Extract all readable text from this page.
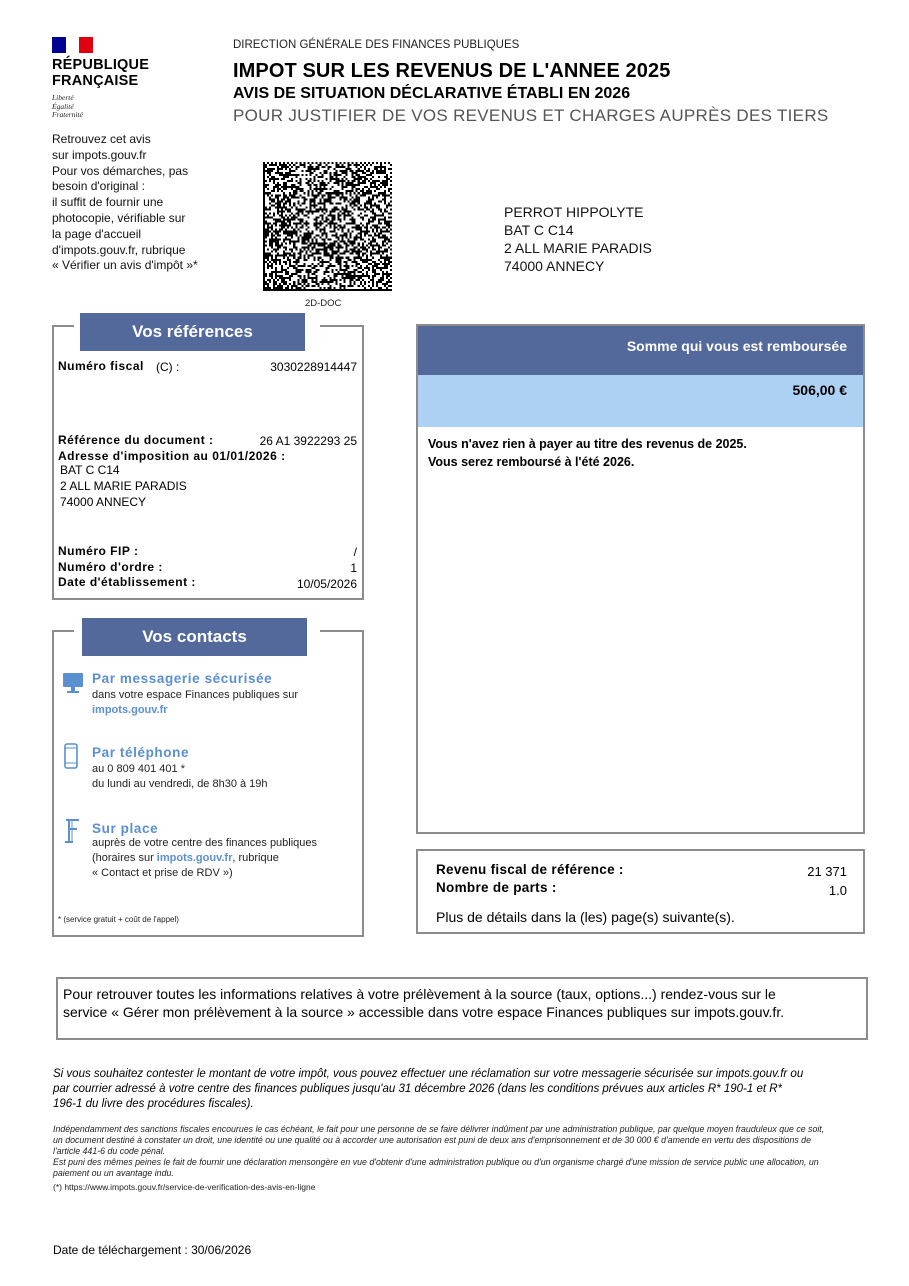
RÉPUBLIQUE
FRANÇAISE
Liberté
Égalité
Fraternité
Retrouvez cet avis
sur impots.gouv.fr
Pour vos démarches, pas
besoin d'original :
il suffit de fournir une
photocopie, vérifiable sur
la page d'accueil
d'impots.gouv.fr, rubrique
« Vérifier un avis d'impôt »*
DIRECTION GÉNÉRALE DES FINANCES PUBLIQUES
IMPOT SUR LES REVENUS DE L'ANNEE 2025
AVIS DE SITUATION DÉCLARATIVE ÉTABLI EN 2026
POUR JUSTIFIER DE VOS REVENUS ET CHARGES AUPRÈS DES TIERS
2D-DOC
PERROT HIPPOLYTE
BAT C C14
2 ALL MARIE PARADIS
74000 ANNECY
Vos références
Numéro fiscal (C) :	3030228914447
Référence du document :	26 A1 3922293 25
Adresse d'imposition au 01/01/2026 :
BAT C C14
2 ALL MARIE PARADIS
74000 ANNECY
Numéro FIP :	/
Numéro d'ordre :	1
Date d'établissement :	10/05/2026
Somme qui vous est remboursée
506,00 €
Vous n'avez rien à payer au titre des revenus de 2025.
Vous serez remboursé à l'été 2026.
Vos contacts
Par messagerie sécurisée
dans votre espace Finances publiques sur
impots.gouv.fr
Par téléphone
au 0 809 401 401 *
du lundi au vendredi, de 8h30 à 19h
Sur place
auprès de votre centre des finances publiques
(horaires sur impots.gouv.fr, rubrique
« Contact et prise de RDV »)
* (service gratuit + coût de l'appel)
Revenu fiscal de référence :	21 371
Nombre de parts :	1.0
Plus de détails dans la (les) page(s) suivante(s).
Pour retrouver toutes les informations relatives à votre prélèvement à la source (taux, options...) rendez-vous sur le
service « Gérer mon prélèvement à la source » accessible dans votre espace Finances publiques sur impots.gouv.fr.
Si vous souhaitez contester le montant de votre impôt, vous pouvez effectuer une réclamation sur votre messagerie sécurisée sur impots.gouv.fr ou
par courrier adressé à votre centre des finances publiques jusqu'au 31 décembre 2026 (dans les conditions prévues aux articles R* 190-1 et R*
196-1 du livre des procédures fiscales).
Indépendamment des sanctions fiscales encourues le cas échéant, le fait pour une personne de se faire délivrer indûment par une administration publique, par quelque moyen frauduleux que ce soit,
un document destiné à constater un droit, une identité ou une qualité ou à accorder une autorisation est puni de deux ans d'emprisonnement et de 30 000 € d'amende en vertu des dispositions de
l'article 441-6 du code pénal.
Est puni des mêmes peines le fait de fournir une déclaration mensongère en vue d'obtenir d'une administration publique ou d'un organisme chargé d'une mission de service public une allocation, un
paiement ou un avantage indu.
(*) https://www.impots.gouv.fr/service-de-verification-des-avis-en-ligne
Date de téléchargement : 30/06/2026
